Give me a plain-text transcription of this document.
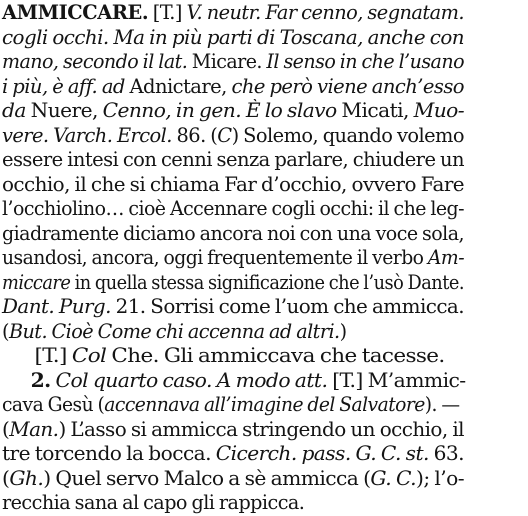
AMMICCARE. [T.] V. neutr. Far cenno, segnatam.
cogli occhi. Ma in più parti di Toscana, anche con
mano, secondo il lat. Micare. Il senso in che l’usano
i più, è aff. ad Adnictare, che però viene anch’esso
da Nuere, Cenno, in gen. È lo slavo Micati, Muo-
vere. Varch. Ercol. 86. (C) Solemo, quando volemo
essere intesi con cenni senza parlare, chiudere un
occhio, il che si chiama Far d’occhio, ovvero Fare
l’occhiolino… cioè Accennare cogli occhi: il che leg-
giadramente diciamo ancora noi con una voce sola,
usandosi, ancora, oggi frequentemente il verbo Am-
miccare in quella stessa significazione che l’usò Dante.
Dant. Purg. 21. Sorrisi come l’uom che ammicca.
(But. Cioè Come chi accenna ad altri.)
[T.] Col Che. Gli ammiccava che tacesse.
2. Col quarto caso. A modo att. [T.] M’ammic-
cava Gesù (accennava all’imagine del Salvatore). —
(Man.) L’asso si ammicca stringendo un occhio, il
tre torcendo la bocca. Cicerch. pass. G. C. st. 63.
(Gh.) Quel servo Malco a sè ammicca (G. C.); l’o-
recchia sana al capo gli rappicca.
